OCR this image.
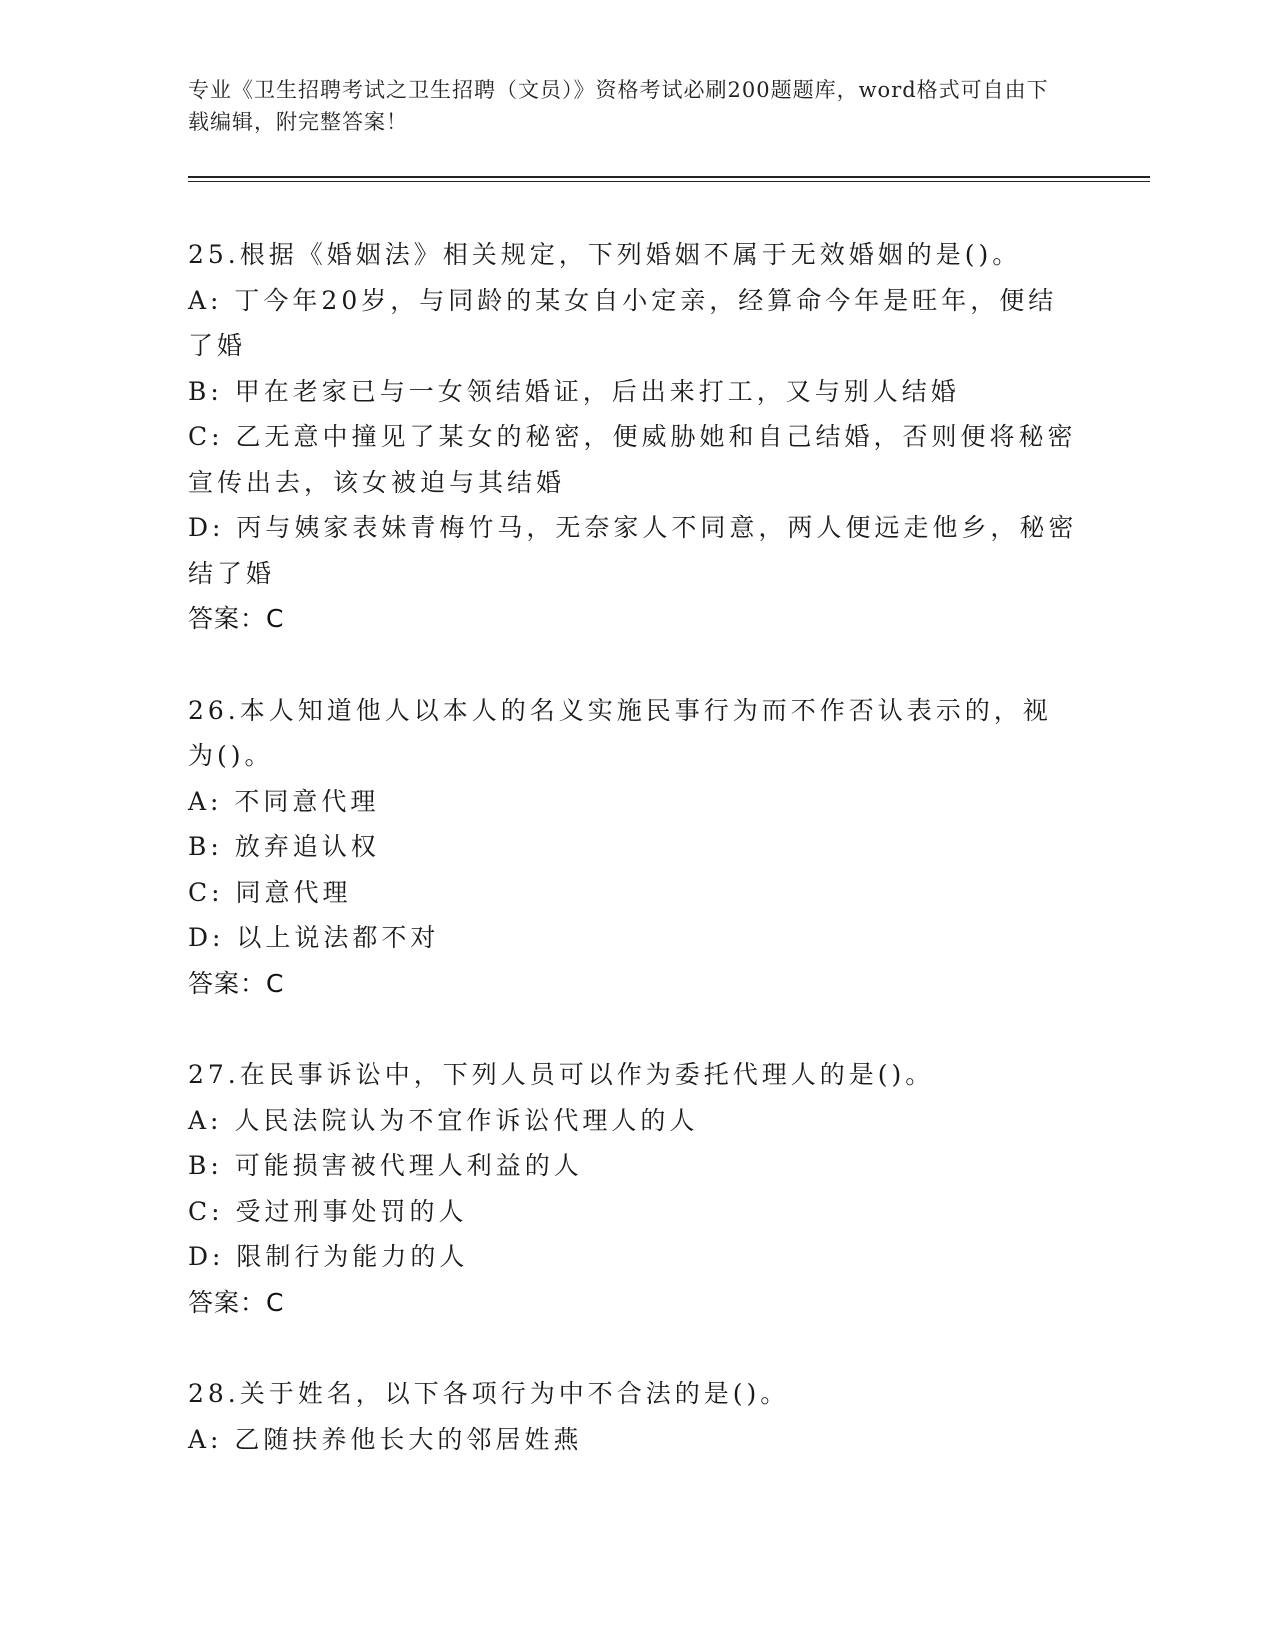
专业《卫生招聘考试之卫生招聘（文员）》资格考试必刷200题题库，word格式可自由下载编辑，附完整答案！
25.根据《婚姻法》相关规定，下列婚姻不属于无效婚姻的是()。
A: 丁今年20岁，与同龄的某女自小定亲，经算命今年是旺年，便结了婚
B: 甲在老家已与一女领结婚证，后出来打工，又与别人结婚
C: 乙无意中撞见了某女的秘密，便威胁她和自己结婚，否则便将秘密宣传出去，该女被迫与其结婚
D: 丙与姨家表妹青梅竹马，无奈家人不同意，两人便远走他乡，秘密结了婚
答案：C
26.本人知道他人以本人的名义实施民事行为而不作否认表示的，视为()。
A: 不同意代理
B: 放弃追认权
C: 同意代理
D: 以上说法都不对
答案：C
27.在民事诉讼中，下列人员可以作为委托代理人的是()。
A: 人民法院认为不宜作诉讼代理人的人
B: 可能损害被代理人利益的人
C: 受过刑事处罚的人
D: 限制行为能力的人
答案：C
28.关于姓名，以下各项行为中不合法的是()。
A: 乙随扶养他长大的邻居姓燕
